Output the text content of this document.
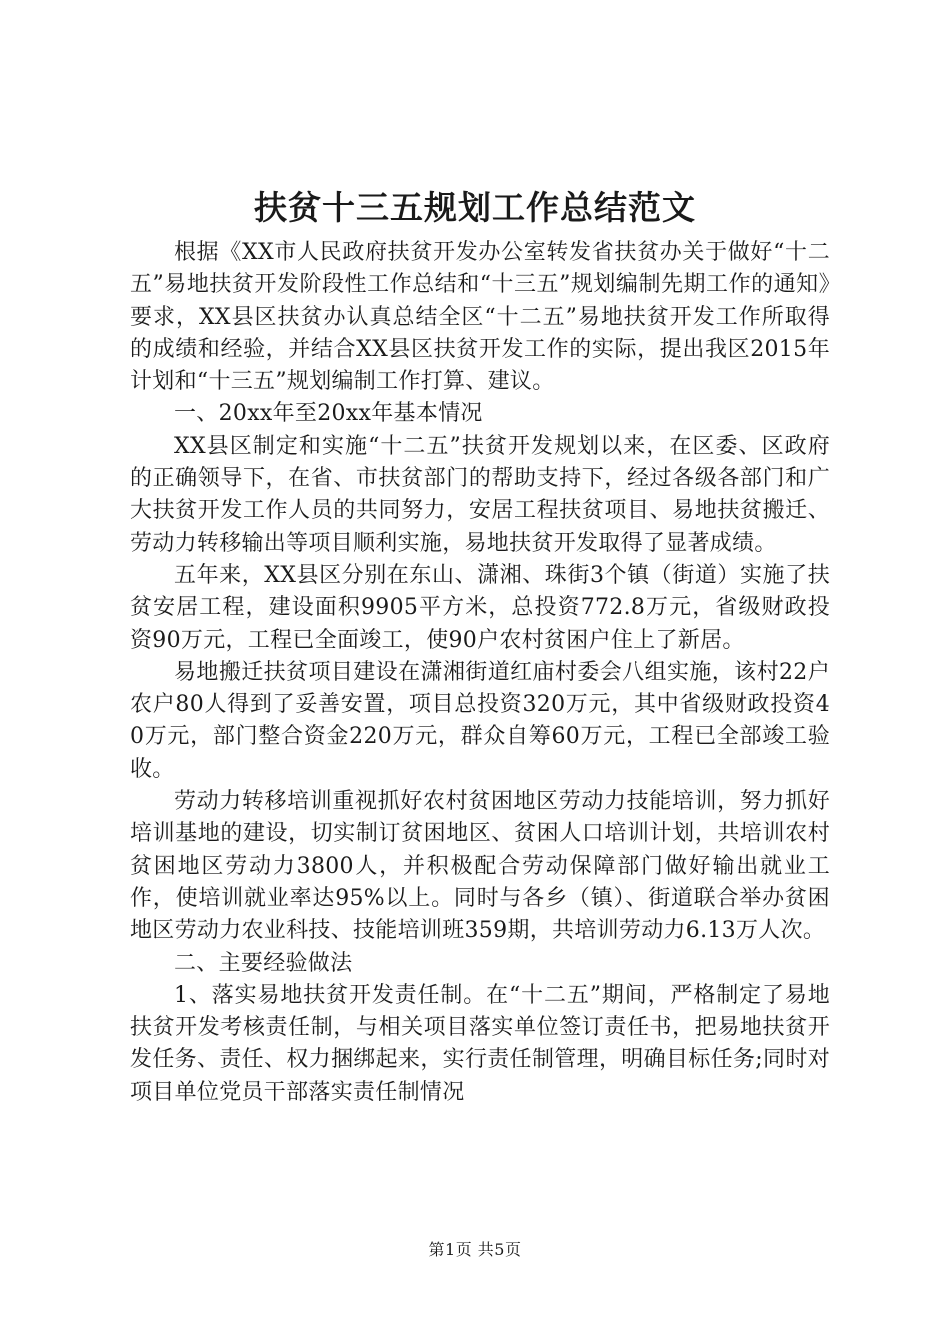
扶贫十三五规划工作总结范文

根据《XX市人民政府扶贫开发办公室转发省扶贫办关于做好“十二五”易地扶贫开发阶段性工作总结和“十三五”规划编制先期工作的通知》要求，XX县区扶贫办认真总结全区“十二五”易地扶贫开发工作所取得的成绩和经验，并结合XX县区扶贫开发工作的实际，提出我区2015年计划和“十三五”规划编制工作打算、建议。

一、20xx年至20xx年基本情况

XX县区制定和实施“十二五”扶贫开发规划以来，在区委、区政府的正确领导下，在省、市扶贫部门的帮助支持下，经过各级各部门和广大扶贫开发工作人员的共同努力，安居工程扶贫项目、易地扶贫搬迁、劳动力转移输出等项目顺利实施，易地扶贫开发取得了显著成绩。

五年来，XX县区分别在东山、潇湘、珠街3个镇（街道）实施了扶贫安居工程，建设面积9905平方米，总投资772.8万元，省级财政投资90万元，工程已全面竣工，使90户农村贫困户住上了新居。

易地搬迁扶贫项目建设在潇湘街道红庙村委会八组实施，该村22户农户80人得到了妥善安置，项目总投资320万元，其中省级财政投资40万元，部门整合资金220万元，群众自筹60万元，工程已全部竣工验收。

劳动力转移培训重视抓好农村贫困地区劳动力技能培训，努力抓好培训基地的建设，切实制订贫困地区、贫困人口培训计划，共培训农村贫困地区劳动力3800人，并积极配合劳动保障部门做好输出就业工作，使培训就业率达95%以上。同时与各乡（镇）、街道联合举办贫困地区劳动力农业科技、技能培训班359期，共培训劳动力6.13万人次。

二、主要经验做法

1、落实易地扶贫开发责任制。在“十二五”期间，严格制定了易地扶贫开发考核责任制，与相关项目落实单位签订责任书，把易地扶贫开发任务、责任、权力捆绑起来，实行责任制管理，明确目标任务;同时对项目单位党员干部落实责任制情况

第1页 共5页
